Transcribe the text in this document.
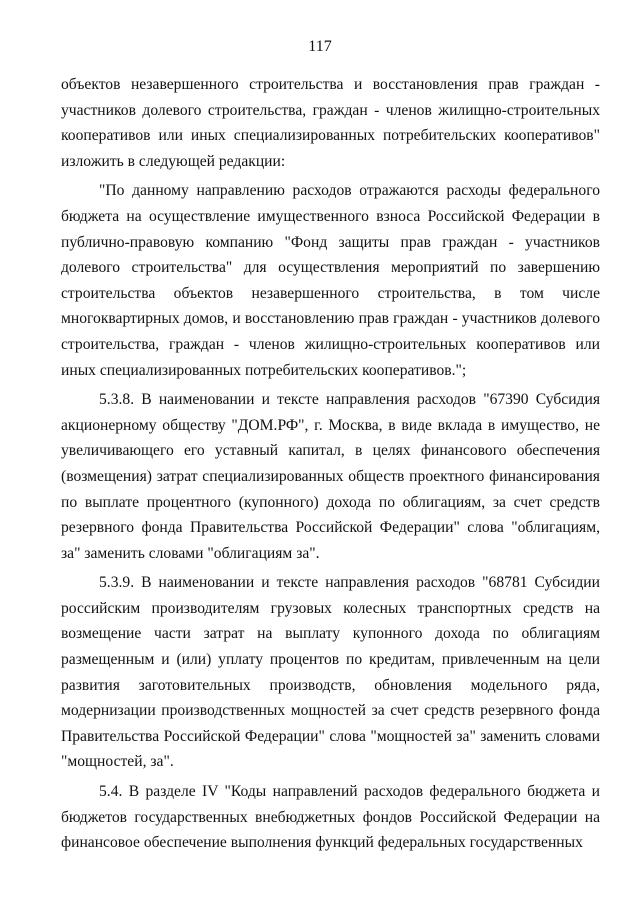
117

объектов незавершенного строительства и восстановления прав граждан - участников долевого строительства, граждан - членов жилищно-строительных кооперативов или иных специализированных потребительских кооперативов" изложить в следующей редакции:

"По данному направлению расходов отражаются расходы федерального бюджета на осуществление имущественного взноса Российской Федерации в публично-правовую компанию "Фонд защиты прав граждан - участников долевого строительства" для осуществления мероприятий по завершению строительства объектов незавершенного строительства, в том числе многоквартирных домов, и восстановлению прав граждан - участников долевого строительства, граждан - членов жилищно-строительных кооперативов или иных специализированных потребительских кооперативов.";

5.3.8. В наименовании и тексте направления расходов "67390 Субсидия акционерному обществу "ДОМ.РФ", г. Москва, в виде вклада в имущество, не увеличивающего его уставный капитал, в целях финансового обеспечения (возмещения) затрат специализированных обществ проектного финансирования по выплате процентного (купонного) дохода по облигациям, за счет средств резервного фонда Правительства Российской Федерации" слова "облигациям, за" заменить словами "облигациям за".

5.3.9. В наименовании и тексте направления расходов "68781 Субсидии российским производителям грузовых колесных транспортных средств на возмещение части затрат на выплату купонного дохода по облигациям размещенным и (или) уплату процентов по кредитам, привлеченным на цели развития заготовительных производств, обновления модельного ряда, модернизации производственных мощностей за счет средств резервного фонда Правительства Российской Федерации" слова "мощностей за" заменить словами "мощностей, за".

5.4. В разделе IV "Коды направлений расходов федерального бюджета и бюджетов государственных внебюджетных фондов Российской Федерации на финансовое обеспечение выполнения функций федеральных государственных
